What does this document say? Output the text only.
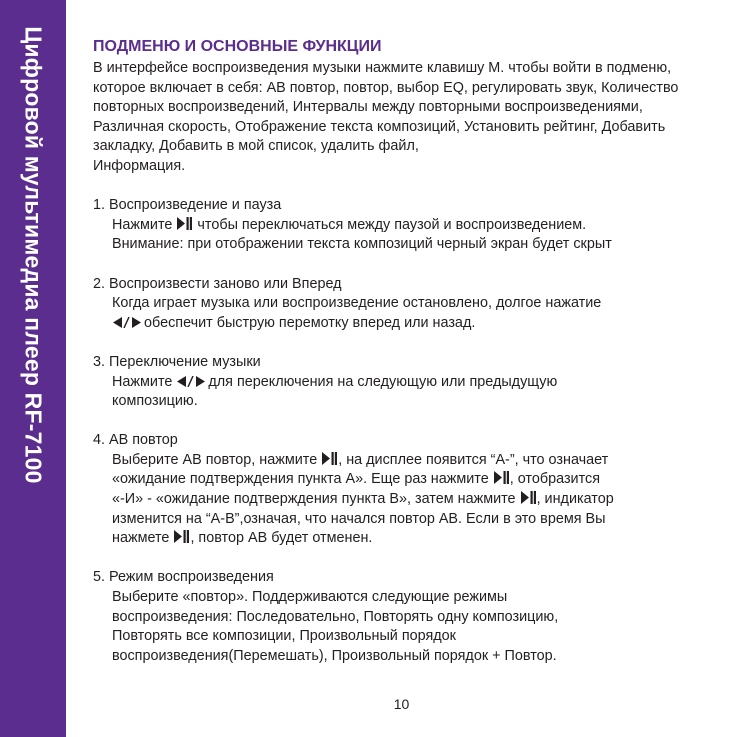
Цифровой мультимедиа плеер RF-7100	ПОДМЕНЮ И ОСНОВНЫЕ ФУНКЦИИ
В интерфейсе воспроизведения музыки нажмите клавишу M. чтобы войти в подменю, которое включает в себя: АВ повтор, повтор, выбор EQ, регулировать звук, Количество повторных воспроизведений, Интервалы между повторными воспроизведениями, Различная скорость, Отображение текста композиций, Установить рейтинг, Добавить закладку, Добавить в мой список, удалить файл,
Информация.
1. Воспроизведение и пауза
Нажмите чтобы переключаться между паузой и воспроизведением.
Внимание: при отображении текста композиций черный экран будет скрыт
2. Воспроизвести заново или Вперед
Когда играет музыка или воспроизведение остановлено, долгое нажатие
обеспечит быструю перемотку вперед или назад.
3. Переключение музыки
Нажмите	для переключения на следующую или предыдущую
композицию.
4. АВ повтор
Выберите АВ повтор, нажмите , на дисплее появится “А-”, что означает
«ожидание подтверждения пункта А». Еще раз нажмите , отобразится
«-И» - «ожидание подтверждения пункта В», затем нажмите , индикатор
изменится на “А-В”,означая, что начался повтор АВ. Если в это время Вы
нажмете , повтор АВ будет отменен.
5. Режим воспроизведения
Выберите «повтор». Поддерживаются следующие режимы
воспроизведения: Последовательно, Повторять одну композицию,
Повторять все композиции, Произвольный порядок
воспроизведения(Перемешать), Произвольный порядок + Повтор.
10
